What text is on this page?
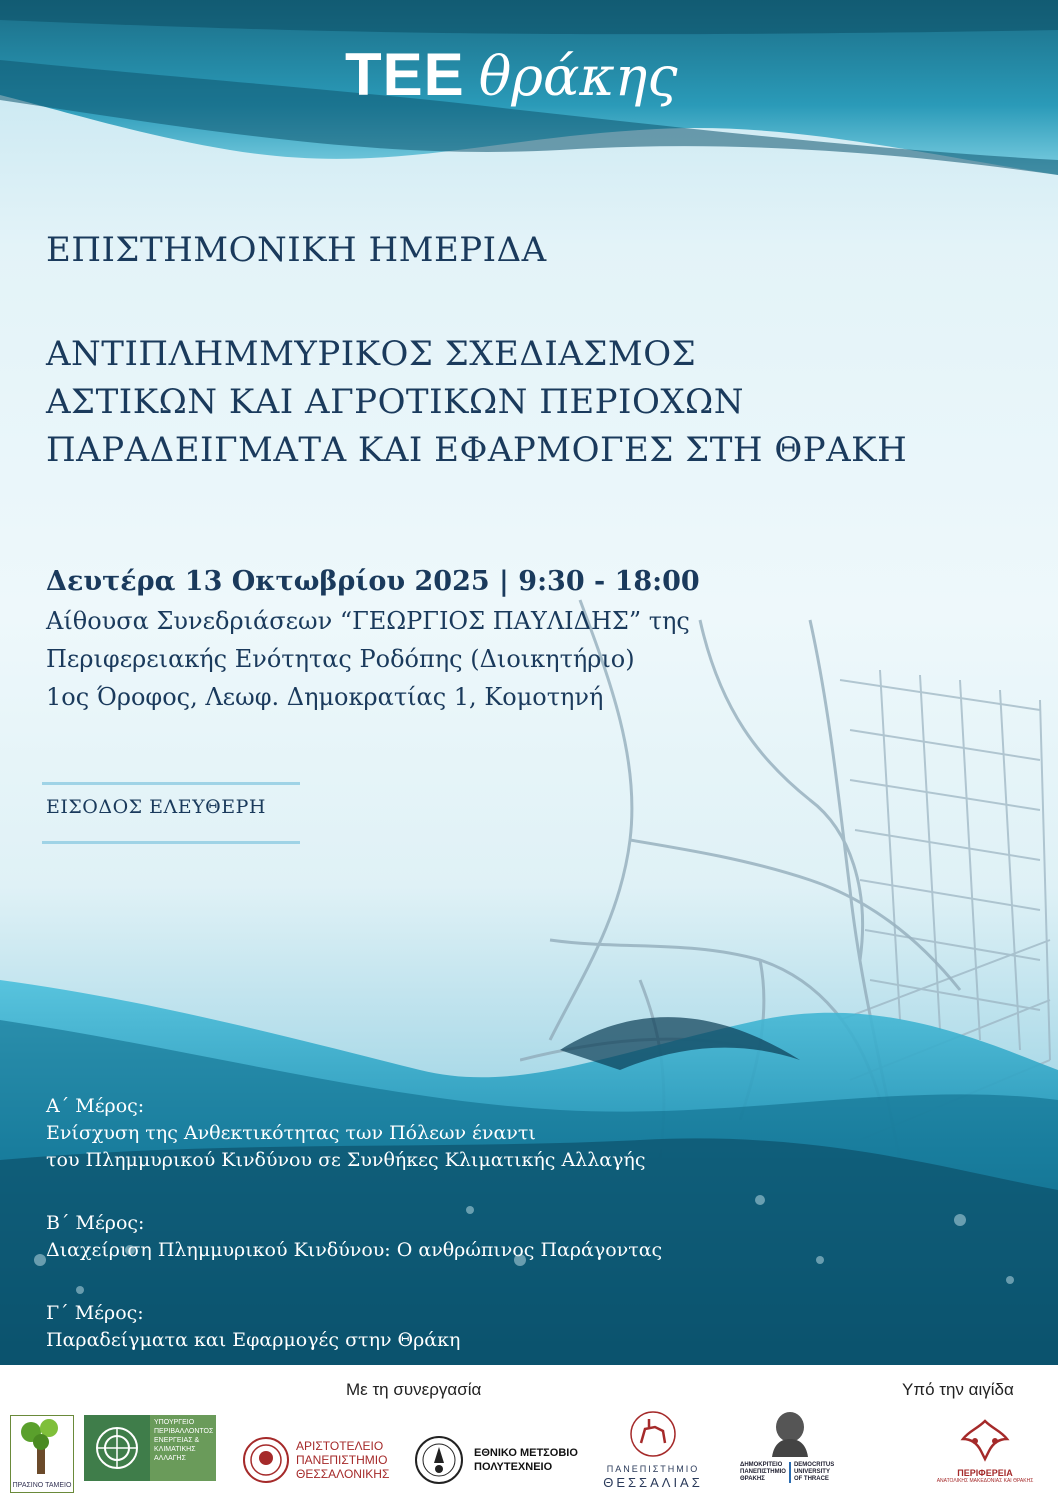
ΤΕΕ θράκης
ΕΠΙΣΤΗΜΟΝΙΚΗ ΗΜΕΡΙΔΑ
ΑΝΤΙΠΛΗΜΜΥΡΙΚΟΣ ΣΧΕΔΙΑΣΜΟΣ
ΑΣΤΙΚΩΝ ΚΑΙ ΑΓΡΟΤΙΚΩΝ ΠΕΡΙΟΧΩΝ
ΠΑΡΑΔΕΙΓΜΑΤΑ ΚΑΙ ΕΦΑΡΜΟΓΕΣ ΣΤΗ ΘΡΑΚΗ
Δευτέρα 13 Οκτωβρίου 2025 | 9:30 - 18:00
Αίθουσα Συνεδριάσεων “ΓΕΩΡΓΙΟΣ ΠΑΥΛΙΔΗΣ” της
Περιφερειακής Ενότητας Ροδόπης (Διοικητήριο)
1ος Όροφος, Λεωφ. Δημοκρατίας 1, Κομοτηνή
ΕΙΣΟΔΟΣ ΕΛΕΥΘΕΡΗ
Α΄ Μέρος:
Ενίσχυση της Ανθεκτικότητας των Πόλεων έναντι
του Πλημμυρικού Κινδύνου σε Συνθήκες Κλιματικής Αλλαγής
Β΄ Μέρος:
Διαχείριση Πλημμυρικού Κινδύνου: Ο ανθρώπινος Παράγοντας
Γ΄ Μέρος:
Παραδείγματα και Εφαρμογές στην Θράκη
Με τη συνεργασία	Υπό την αιγίδα
ΠΡΑΣΙΝΟ ΤΑΜΕΙΟ
ΥΠΟΥΡΓΕΙΟ
ΠΕΡΙΒΑΛΛΟΝΤΟΣ
ΕΝΕΡΓΕΙΑΣ &
ΚΛΙΜΑΤΙΚΗΣ
ΑΛΛΑΓΗΣ
ΑΡΙΣΤΟΤΕΛΕΙΟ
ΠΑΝΕΠΙΣΤΗΜΙΟ
ΘΕΣΣΑΛΟΝΙΚΗΣ
ΕΘΝΙΚΟ ΜΕΤΣΟΒΙΟ
ΠΟΛΥΤΕΧΝΕΙΟ	ΠΑΝΕΠΙΣΤΗΜΙΟ
ΘΕΣΣΑΛΙΑΣ
ΔΗΜΟΚΡΙΤΕΙΟ
ΠΑΝΕΠΙΣΤΗΜΙΟ
ΘΡΑΚΗΣ
DEMOCRITUS
UNIVERSITY
OF THRACE
ΠΕΡΙΦΕΡΕΙΑ
ΑΝΑΤΟΛΙΚΗΣ ΜΑΚΕΔΟΝΙΑΣ ΚΑΙ ΘΡΑΚΗΣ
